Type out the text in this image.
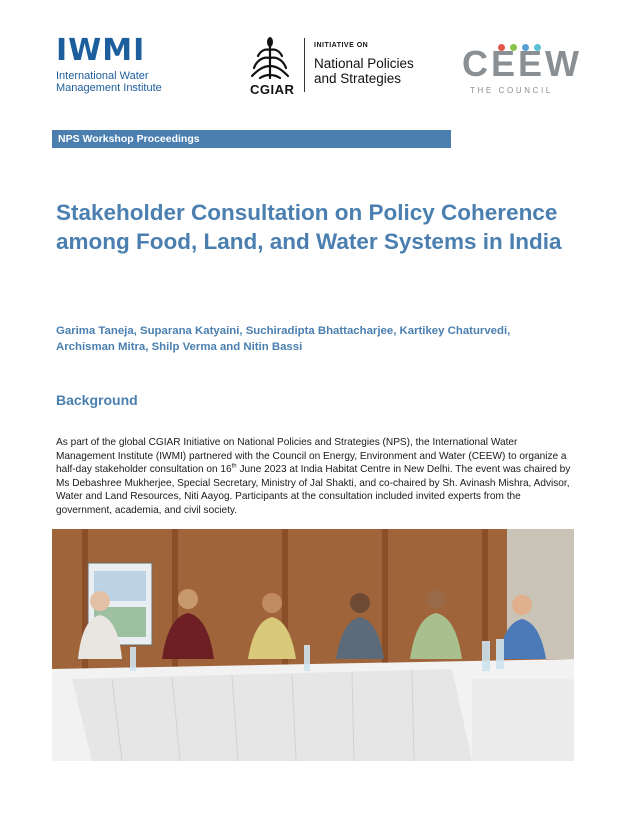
IWMI
International Water
Management Institute	CGIAR
INITIATIVE ON
National Policies
and Strategies	CEEW
THE COUNCIL
NPS Workshop Proceedings
Stakeholder Consultation on Policy Coherence among Food, Land, and Water Systems in India
Garima Taneja, Suparana Katyaini, Suchiradipta Bhattacharjee, Kartikey Chaturvedi,
Archisman Mitra, Shilp Verma and Nitin Bassi
Background

As part of the global CGIAR Initiative on National Policies and Strategies (NPS), the International Water Management Institute (IWMI) partnered with the Council on Energy, Environment and Water (CEEW) to organize a half-day stakeholder consultation on 16th June 2023 at India Habitat Centre in New Delhi. The event was chaired by Ms Debashree Mukherjee, Special Secretary, Ministry of Jal Shakti, and co-chaired by Sh. Avinash Mishra, Advisor, Water and Land Resources, Niti Aayog. Participants at the consultation included invited experts from the government, academia, and civil society.
